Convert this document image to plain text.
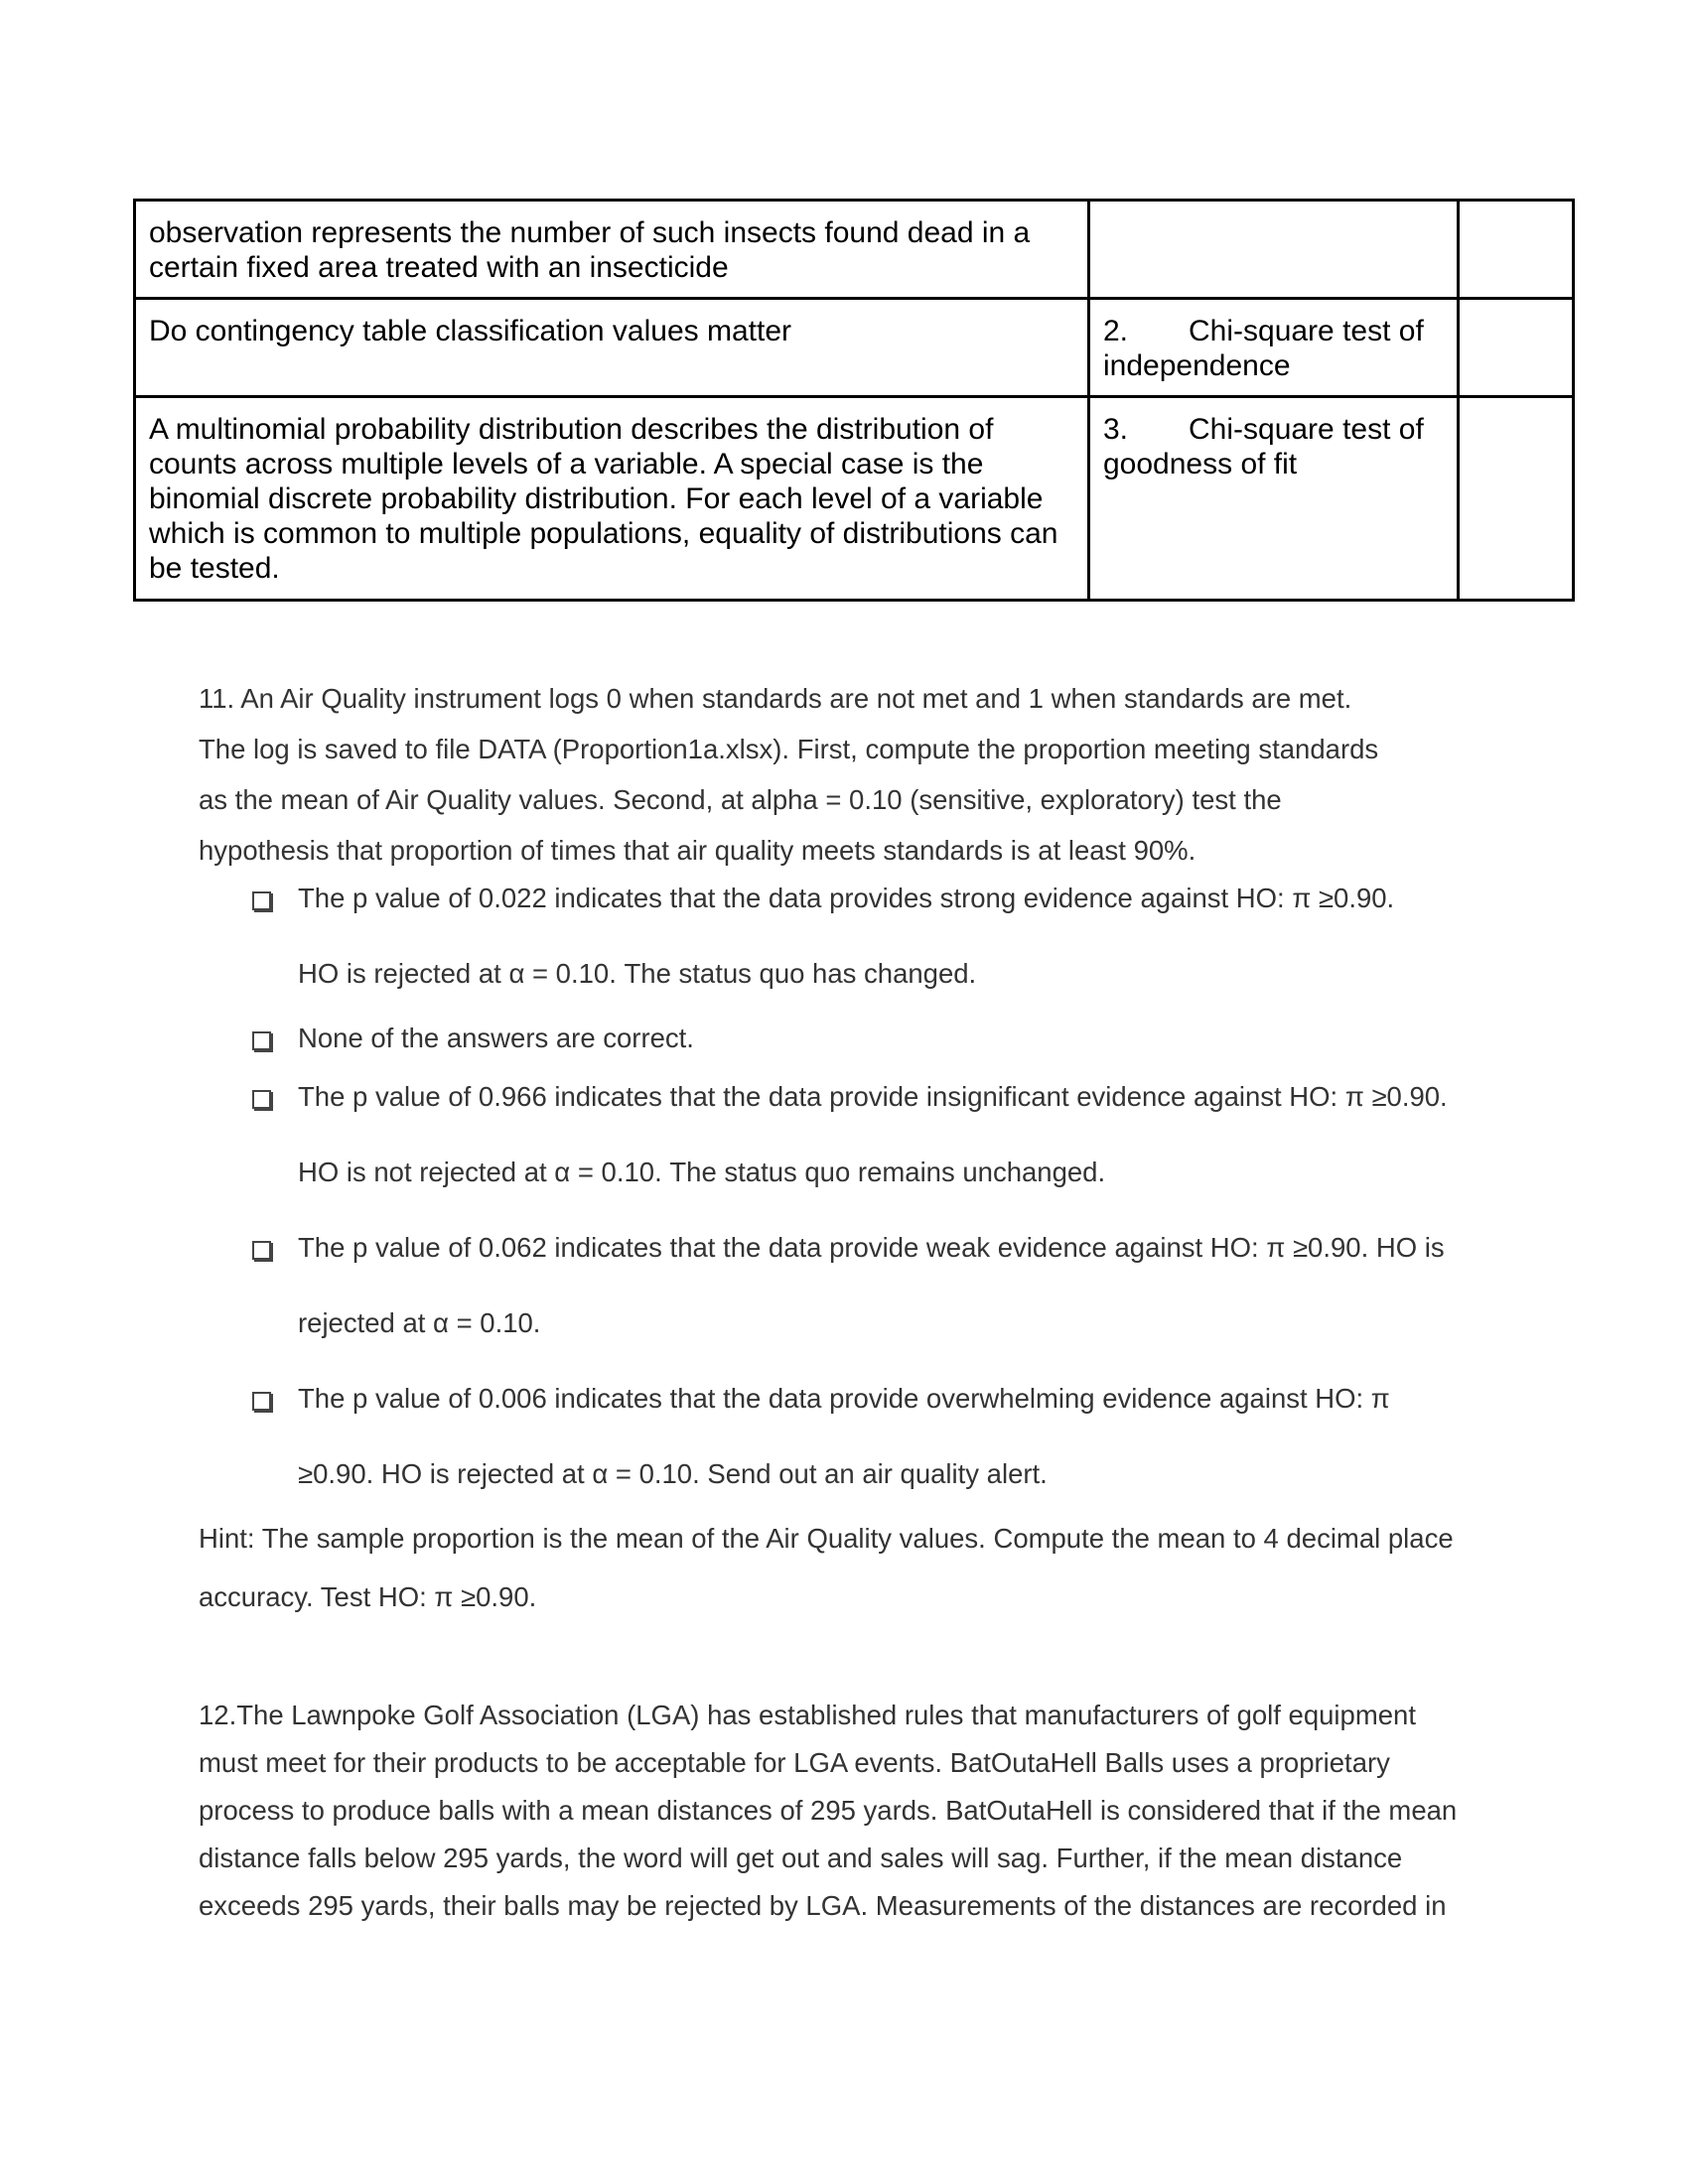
observation represents the number of such insects found dead in a certain fixed area treated with an insecticide		
Do contingency table classification values matter	2. Chi-square test of independence	
A multinomial probability distribution describes the distribution of counts across multiple levels of a variable. A special case is the binomial discrete probability distribution. For each level of a variable which is common to multiple populations, equality of distributions can be tested.	3. Chi-square test of goodness of fit	

11. An Air Quality instrument logs 0 when standards are not met and 1 when standards are met.

The log is saved to file DATA (Proportion1a.xlsx). First, compute the proportion meeting standards

as the mean of Air Quality values. Second, at alpha = 0.10 (sensitive, exploratory) test the

hypothesis that proportion of times that air quality meets standards is at least 90%.

The p value of 0.022 indicates that the data provides strong evidence against HO: π ≥0.90.
HO is rejected at α = 0.10. The status quo has changed.
None of the answers are correct.
The p value of 0.966 indicates that the data provide insignificant evidence against HO: π ≥0.90.
HO is not rejected at α = 0.10. The status quo remains unchanged.
The p value of 0.062 indicates that the data provide weak evidence against HO: π ≥0.90. HO is
rejected at α = 0.10.
The p value of 0.006 indicates that the data provide overwhelming evidence against HO: π
≥0.90. HO is rejected at α = 0.10. Send out an air quality alert.
Hint: The sample proportion is the mean of the Air Quality values. Compute the mean to 4 decimal place
accuracy. Test HO: π ≥0.90.
12.The Lawnpoke Golf Association (LGA) has established rules that manufacturers of golf equipment
must meet for their products to be acceptable for LGA events. BatOutaHell Balls uses a proprietary
process to produce balls with a mean distances of 295 yards. BatOutaHell is considered that if the mean
distance falls below 295 yards, the word will get out and sales will sag. Further, if the mean distance
exceeds 295 yards, their balls may be rejected by LGA. Measurements of the distances are recorded in
